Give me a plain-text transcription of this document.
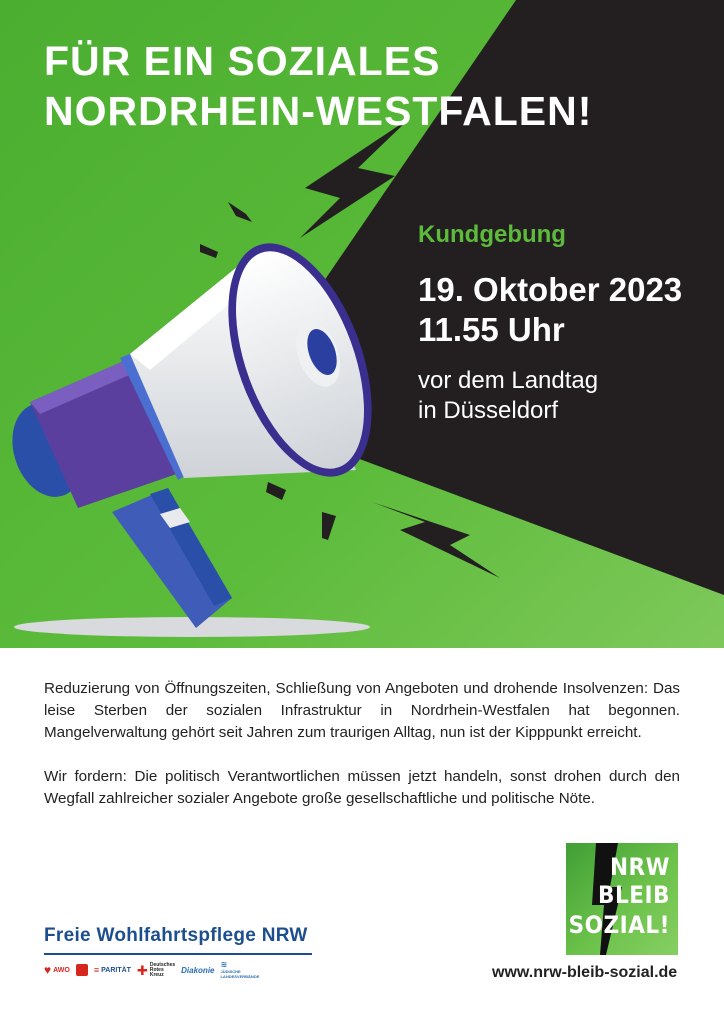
FÜR EIN SOZIALES
NORDRHEIN-WESTFALEN!
Kundgebung
19. Oktober 2023
11.55 Uhr
vor dem Landtag
in Düsseldorf

Reduzierung von Öffnungszeiten, Schließung von Angeboten und drohende Insolvenzen: Das leise Sterben der sozialen Infrastruktur in Nordrhein-Westfalen hat begonnen. Mangelverwaltung gehört seit Jahren zum traurigen Alltag, nun ist der Kipppunkt erreicht.

Wir fordern: Die politisch Verantwortlichen müssen jetzt handeln, sonst drohen durch den Wegfall zahlreicher sozialer Angebote große gesellschaftliche und politische Nöte.

Freie Wohlfahrtspflege NRW
♥ AWO	≡ PARITÄT ✚ Deutsches
Rotes
Kreuz	Diakonie
≋
JÜDISCHE
LANDESVERBÄNDE
NRW
BLEIB
SOZIAL!
www.nrw-bleib-sozial.de
